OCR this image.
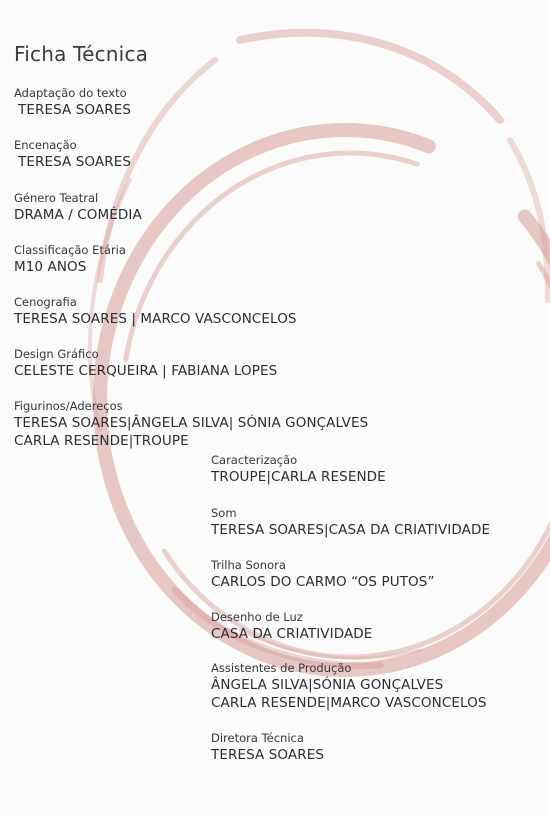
Ficha Técnica
Adaptação do texto
TERESA SOARES
Encenação
TERESA SOARES
Género Teatral
DRAMA / COMÉDIA
Classificação Etária
M10 ANOS
Cenografia
TERESA SOARES | MARCO VASCONCELOS
Design Gráfico
CELESTE CERQUEIRA | FABIANA LOPES
Figurinos/Adereços
TERESA SOARES|ÂNGELA SILVA| SÓNIA GONÇALVES
CARLA RESENDE|TROUPE
Caracterização
TROUPE|CARLA RESENDE
Som
TERESA SOARES|CASA DA CRIATIVIDADE
Trilha Sonora
CARLOS DO CARMO “OS PUTOS”
Desenho de Luz
CASA DA CRIATIVIDADE
Assistentes de Produção
ÂNGELA SILVA|SÓNIA GONÇALVES
CARLA RESENDE|MARCO VASCONCELOS
Diretora Técnica
TERESA SOARES
